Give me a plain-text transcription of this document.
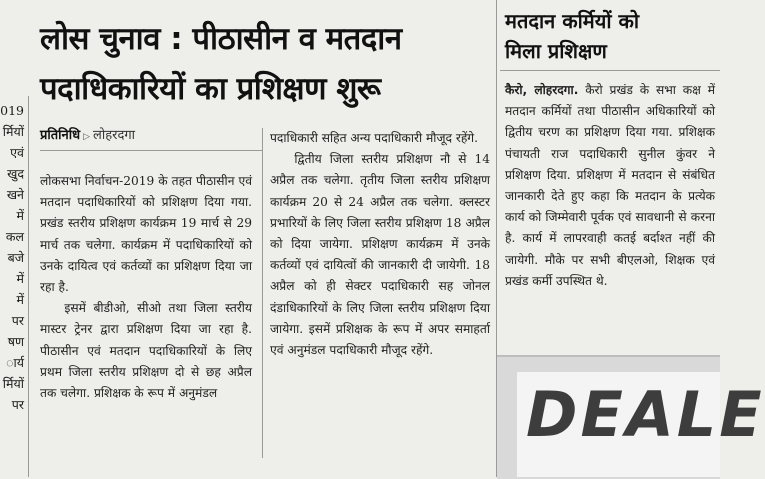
019
र्मियों
एवं
खुद
खने
में
कल
बजे
में
में
पर
षण
ार्य
र्मियों
पर
लोस चुनाव : पीठासीन व मतदान
पदाधिकारियों का प्रशिक्षण शुरू
प्रतिनिधि ▷ लोहरदगा

लोकसभा निर्वाचन-2019 के तहत पीठासीन एवं मतदान पदाधिकारियों को प्रशिक्षण दिया गया. प्रखंड स्तरीय प्रशिक्षण कार्यक्रम 19 मार्च से 29 मार्च तक चलेगा. कार्यक्रम में पदाधिकारियों को उनके दायित्व एवं कर्तव्यों का प्रशिक्षण दिया जा रहा है.

इसमें बीडीओ, सीओ तथा जिला स्तरीय मास्टर ट्रेनर द्वारा प्रशिक्षण दिया जा रहा है. पीठासीन एवं मतदान पदाधिकारियों के लिए प्रथम जिला स्तरीय प्रशिक्षण दो से छह अप्रैल तक चलेगा. प्रशिक्षक के रूप में अनुमंडल

पदाधिकारी सहित अन्य पदाधिकारी मौजूद रहेंगे.

द्वितीय जिला स्तरीय प्रशिक्षण नौ से 14 अप्रैल तक चलेगा. तृतीय जिला स्तरीय प्रशिक्षण कार्यक्रम 20 से 24 अप्रैल तक चलेगा. क्लस्टर प्रभारियों के लिए जिला स्तरीय प्रशिक्षण 18 अप्रैल को दिया जायेगा. प्रशिक्षण कार्यक्रम में उनके कर्तव्यों एवं दायित्वों की जानकारी दी जायेगी. 18 अप्रैल को ही सेक्टर पदाधिकारी सह जोनल दंडाधिकारियों के लिए जिला स्तरीय प्रशिक्षण दिया जायेगा. इसमें प्रशिक्षक के रूप में अपर समाहर्ता एवं अनुमंडल पदाधिकारी मौजूद रहेंगे.

मतदान कर्मियों को
मिला प्रशिक्षण

कैरो, लोहरदगा. कैरो प्रखंड के सभा कक्ष में मतदान कर्मियों तथा पीठासीन अधिकारियों को द्वितीय चरण का प्रशिक्षण दिया गया. प्रशिक्षक पंचायती राज पदाधिकारी सुनील कुंवर ने प्रशिक्षण दिया. प्रशिक्षण में मतदान से संबंधित जानकारी देते हुए कहा कि मतदान के प्रत्येक कार्य को जिम्मेवारी पूर्वक एवं सावधानी से करना है. कार्य में लापरवाही कतई बर्दाश्त नहीं की जायेगी. मौके पर सभी बीएलओ, शिक्षक एवं प्रखंड कर्मी उपस्थित थे.

DEALE
